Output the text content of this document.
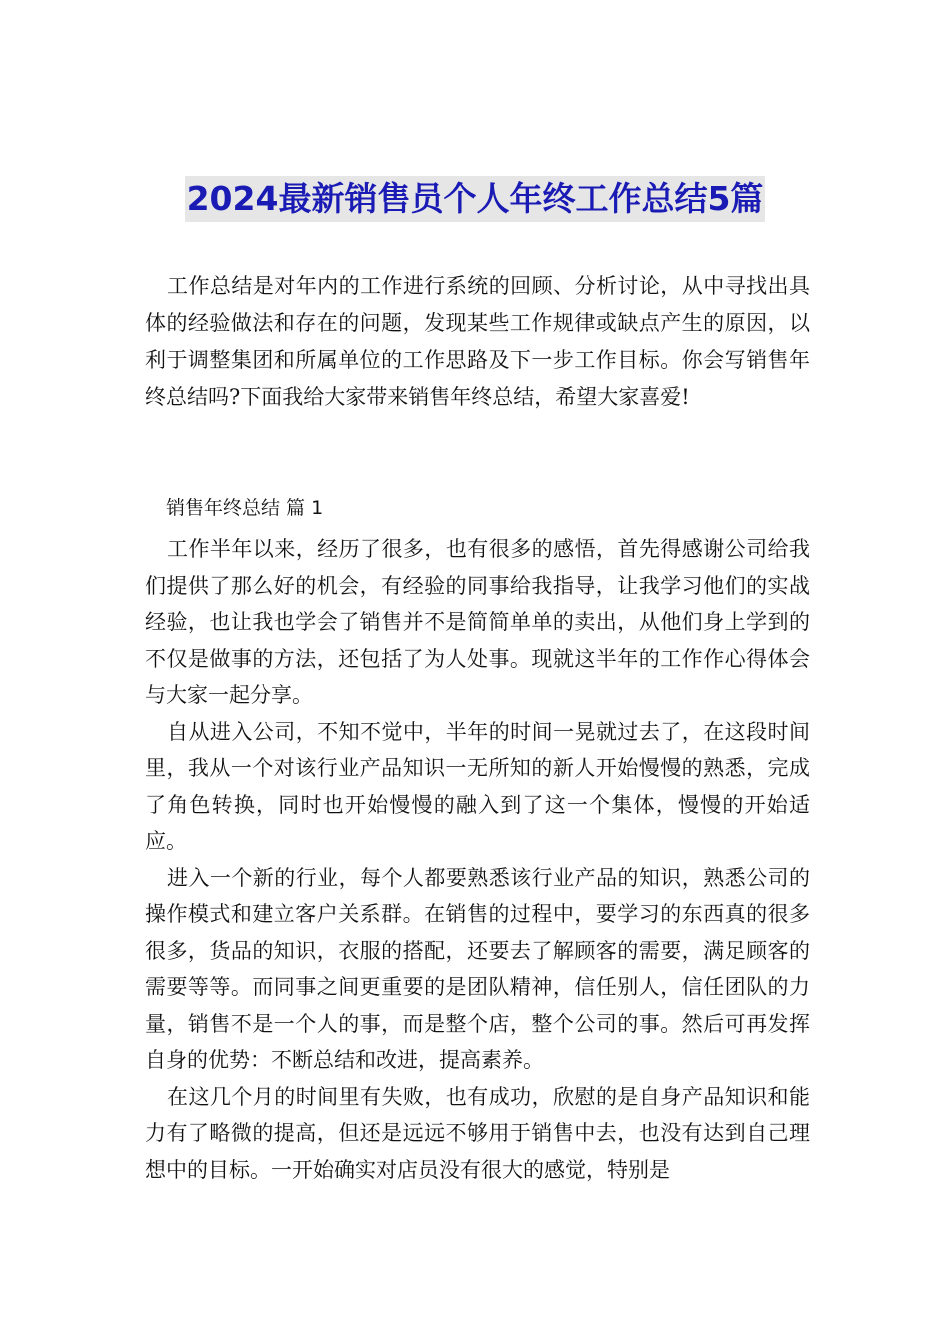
2024最新销售员个人年终工作总结5篇

工作总结是对年内的工作进行系统的回顾、分析讨论，从中寻找出具体的经验做法和存在的问题，发现某些工作规律或缺点产生的原因，以利于调整集团和所属单位的工作思路及下一步工作目标。你会写销售年终总结吗?下面我给大家带来销售年终总结，希望大家喜爱!

销售年终总结 篇 1

工作半年以来，经历了很多，也有很多的感悟，首先得感谢公司给我们提供了那么好的机会，有经验的同事给我指导，让我学习他们的实战经验，也让我也学会了销售并不是简简单单的卖出，从他们身上学到的不仅是做事的方法，还包括了为人处事。现就这半年的工作作心得体会与大家一起分享。

自从进入公司，不知不觉中，半年的时间一晃就过去了，在这段时间里，我从一个对该行业产品知识一无所知的新人开始慢慢的熟悉，完成了角色转换，同时也开始慢慢的融入到了这一个集体，慢慢的开始适应。

进入一个新的行业，每个人都要熟悉该行业产品的知识，熟悉公司的操作模式和建立客户关系群。在销售的过程中，要学习的东西真的很多很多，货品的知识，衣服的搭配，还要去了解顾客的需要，满足顾客的需要等等。而同事之间更重要的是团队精神，信任别人，信任团队的力量，销售不是一个人的事，而是整个店，整个公司的事。然后可再发挥自身的优势：不断总结和改进，提高素养。

在这几个月的时间里有失败，也有成功，欣慰的是自身产品知识和能力有了略微的提高，但还是远远不够用于销售中去，也没有达到自己理想中的目标。一开始确实对店员没有很大的感觉，特别是
